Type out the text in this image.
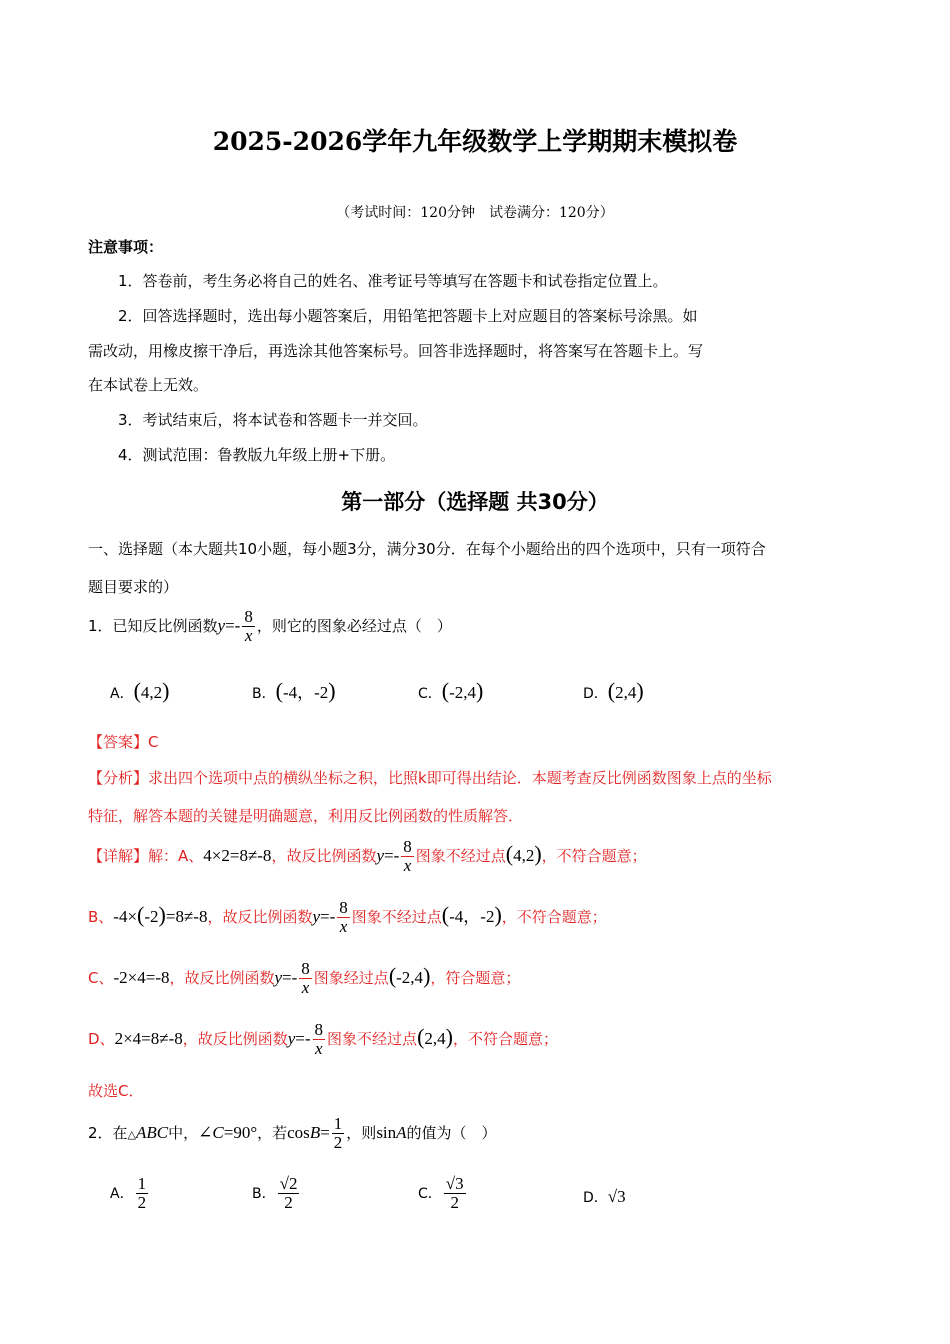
2025-2026学年九年级数学上学期期末模拟卷
（考试时间：120分钟　试卷满分：120分）
注意事项：
1．答卷前，考生务必将自己的姓名、准考证号等填写在答题卡和试卷指定位置上。
2．回答选择题时，选出每小题答案后，用铅笔把答题卡上对应题目的答案标号涂黑。如
需改动，用橡皮擦干净后，再选涂其他答案标号。回答非选择题时，将答案写在答题卡上。写
在本试卷上无效。
3．考试结束后，将本试卷和答题卡一并交回。
4．测试范围：鲁教版九年级上册+下册。
第一部分（选择题 共30分）
一、选择题（本大题共10小题，每小题3分，满分30分．在每个小题给出的四个选项中，只有一项符合
题目要求的）
1．已知反比例函数$y=- \frac{8}{x}$ ，则它的图象必经过点（　）
A．(4,2)	B．(-4，-2)	C．(-2,4)	D．(2,4)
【答案】C
【分析】求出四个选项中点的横纵坐标之积，比照k即可得出结论．本题考查反比例函数图象上点的坐标
特征，解答本题的关键是明确题意，利用反比例函数的性质解答．
【详解】解：A、4×2=8≠-8，故反比例函数$y=- \frac{8}{x}$ 图象不经过点(4,2)，不符合题意；
B、-4×(-2)=8≠-8，故反比例函数$y=- \frac{8}{x}$ 图象不经过点(-4，-2)，不符合题意；
C、-2×4=-8，故反比例函数$y=- \frac{8}{x}$ 图象经过点(-2,4)，符合题意；
D、2×4=8≠-8，故反比例函数$y=- \frac{8}{x}$ 图象不经过点(2,4)，不符合题意；
故选C．
2．在△ABC中，∠C=90°，若$\cos B= \frac{1}{2}$ ，则sinA的值为（　）
A． $\frac{1}{2}$	B． $\frac{√2}{2}$	C． $\frac{√3}{2}$	D．√3
